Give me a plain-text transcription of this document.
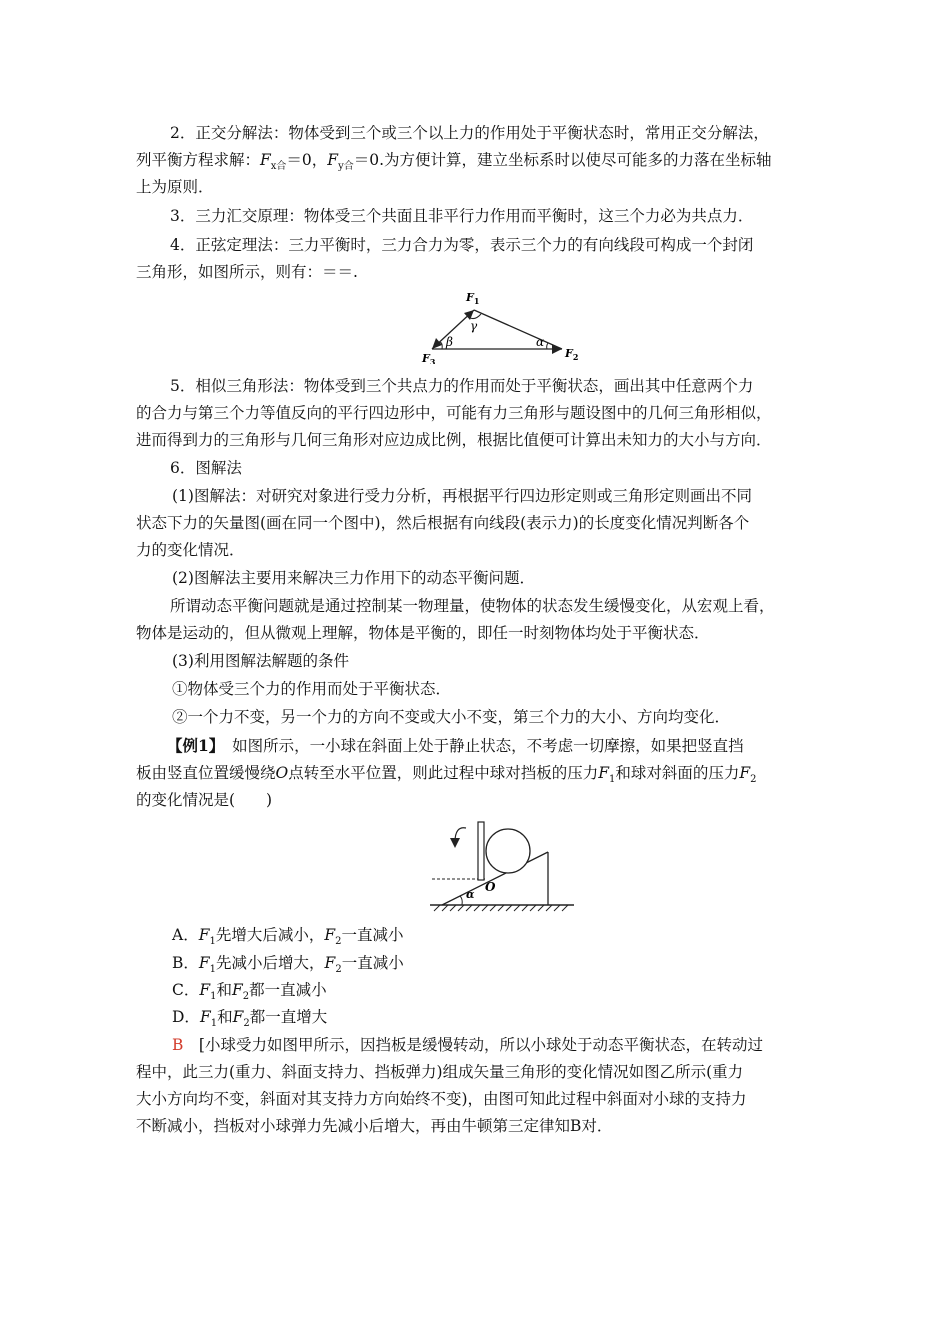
2．正交分解法：物体受到三个或三个以上力的作用处于平衡状态时，常用正交分解法，
列平衡方程求解：$F_{x合}=0$，$F_{y合}=0$.为方便计算，建立坐标系时以使尽可能多的力落在坐标轴
上为原则．
3．三力汇交原理：物体受三个共面且非平行力作用而平衡时，这三个力必为共点力．
4．正弦定理法：三力平衡时，三力合力为零，表示三个力的有向线段可构成一个封闭
三角形，如图所示，则有：＝＝.
$F_1$
$F_2$
$F_3$
γ
β	α
5．相似三角形法：物体受到三个共点力的作用而处于平衡状态，画出其中任意两个力
的合力与第三个力等值反向的平行四边形中，可能有力三角形与题设图中的几何三角形相似，
进而得到力的三角形与几何三角形对应边成比例，根据比值便可计算出未知力的大小与方向．
6．图解法
(1)图解法：对研究对象进行受力分析，再根据平行四边形定则或三角形定则画出不同
状态下力的矢量图(画在同一个图中)，然后根据有向线段(表示力)的长度变化情况判断各个
力的变化情况．
(2)图解法主要用来解决三力作用下的动态平衡问题．
所谓动态平衡问题就是通过控制某一物理量，使物体的状态发生缓慢变化，从宏观上看，
物体是运动的，但从微观上理解，物体是平衡的，即任一时刻物体均处于平衡状态．
(3)利用图解法解题的条件
①物体受三个力的作用而处于平衡状态．
②一个力不变，另一个力的方向不变或大小不变，第三个力的大小、方向均变化．
【例1】　 如图所示，一小球在斜面上处于静止状态，不考虑一切摩擦，如果把竖直挡
板由竖直位置缓慢绕O点转至水平位置，则此过程中球对挡板的压力$F_1$和球对斜面的压力$F_2$
的变化情况是(　　)
α
O
A．$F_1$先增大后减小，$F_2$一直减小
B．$F_1$先减小后增大，$F_2$一直减小
C．$F_1$和$F_2$都一直减小
D．$F_1$和$F_2$都一直增大
B　 [小球受力如图甲所示，因挡板是缓慢转动，所以小球处于动态平衡状态，在转动过
程中，此三力(重力、斜面支持力、挡板弹力)组成矢量三角形的变化情况如图乙所示(重力
大小方向均不变，斜面对其支持力方向始终不变)，由图可知此过程中斜面对小球的支持力
不断减小，挡板对小球弹力先减小后增大，再由牛顿第三定律知B对．
